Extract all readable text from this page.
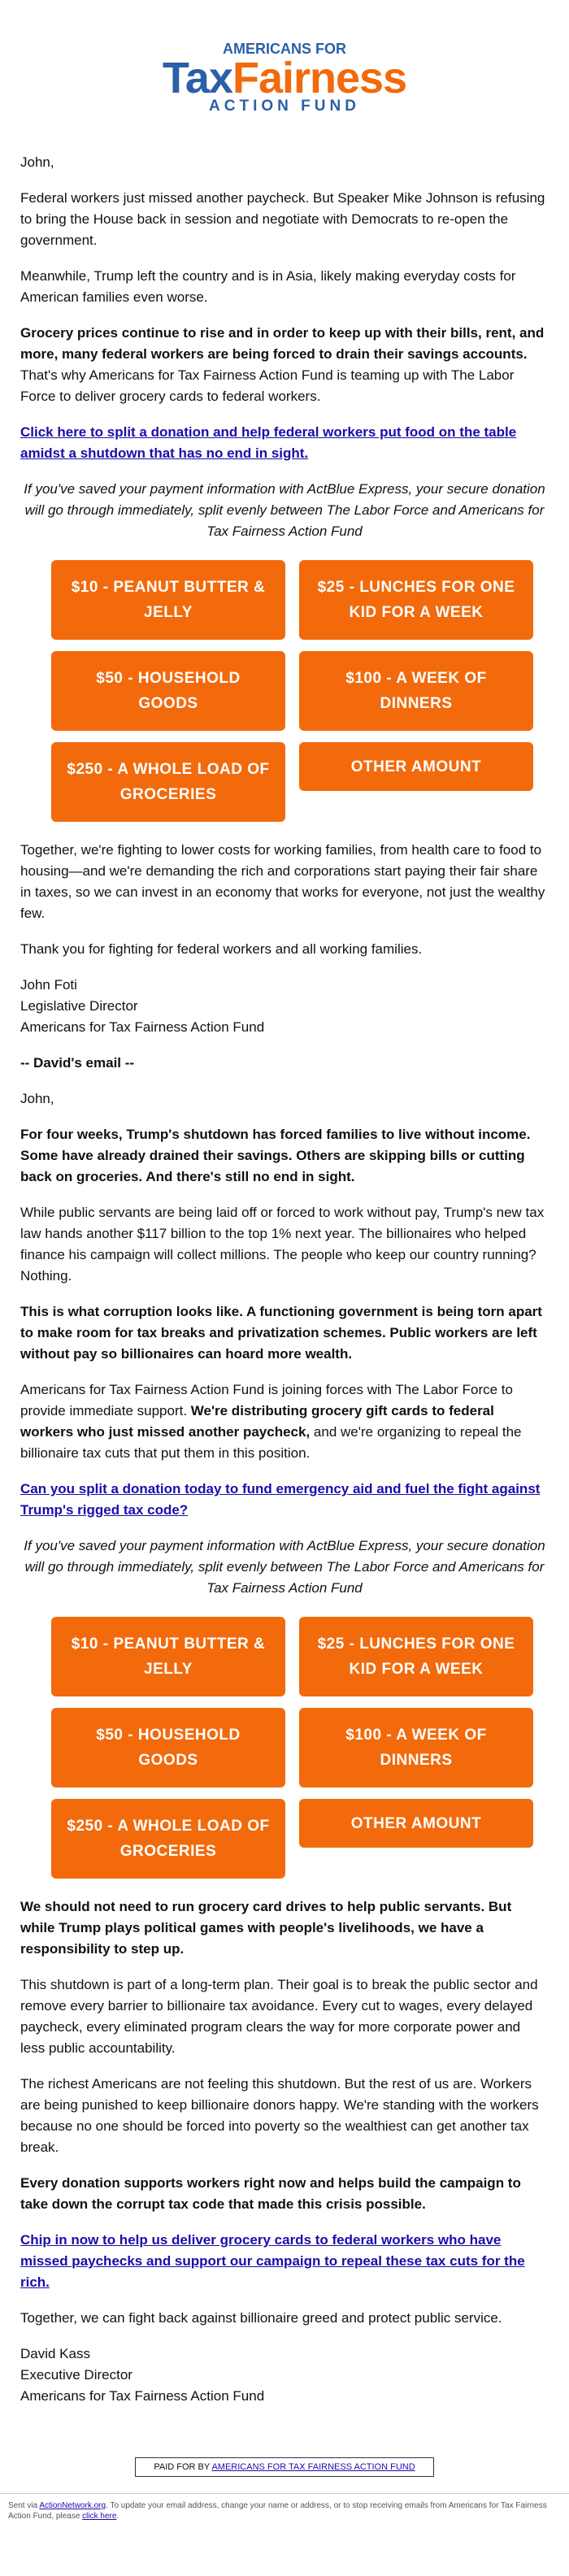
AMERICANS FOR
TaxFairness
ACTION FUND

John,

Federal workers just missed another paycheck. But Speaker Mike Johnson is refusing to bring the House back in session and negotiate with Democrats to re-open the government.

Meanwhile, Trump left the country and is in Asia, likely making everyday costs for American families even worse.

Grocery prices continue to rise and in order to keep up with their bills, rent, and more, many federal workers are being forced to drain their savings accounts. That's why Americans for Tax Fairness Action Fund is teaming up with The Labor Force to deliver grocery cards to federal workers.

Click here to split a donation and help federal workers put food on the table amidst a shutdown that has no end in sight.

If you've saved your payment information with ActBlue Express, your secure donation will go through immediately, split evenly between The Labor Force and Americans for Tax Fairness Action Fund

$10 - PEANUT BUTTER & JELLY
$25 - LUNCHES FOR ONE KID FOR A WEEK
$50 - HOUSEHOLD GOODS
$100 - A WEEK OF DINNERS
$250 - A WHOLE LOAD OF GROCERIES
OTHER AMOUNT

Together, we're fighting to lower costs for working families, from health care to food to housing—and we're demanding the rich and corporations start paying their fair share in taxes, so we can invest in an economy that works for everyone, not just the wealthy few.

Thank you for fighting for federal workers and all working families.

John Foti

Legislative Director

Americans for Tax Fairness Action Fund

-- David's email --

John,

For four weeks, Trump's shutdown has forced families to live without income. Some have already drained their savings. Others are skipping bills or cutting back on groceries. And there's still no end in sight.

While public servants are being laid off or forced to work without pay, Trump's new tax law hands another $117 billion to the top 1% next year. The billionaires who helped finance his campaign will collect millions. The people who keep our country running? Nothing.

This is what corruption looks like. A functioning government is being torn apart to make room for tax breaks and privatization schemes. Public workers are left without pay so billionaires can hoard more wealth.

Americans for Tax Fairness Action Fund is joining forces with The Labor Force to provide immediate support. We're distributing grocery gift cards to federal workers who just missed another paycheck, and we're organizing to repeal the billionaire tax cuts that put them in this position.

Can you split a donation today to fund emergency aid and fuel the fight against Trump's rigged tax code?

If you've saved your payment information with ActBlue Express, your secure donation will go through immediately, split evenly between The Labor Force and Americans for Tax Fairness Action Fund

$10 - PEANUT BUTTER & JELLY
$25 - LUNCHES FOR ONE KID FOR A WEEK
$50 - HOUSEHOLD GOODS
$100 - A WEEK OF DINNERS
$250 - A WHOLE LOAD OF GROCERIES
OTHER AMOUNT

We should not need to run grocery card drives to help public servants. But while Trump plays political games with people's livelihoods, we have a responsibility to step up.

This shutdown is part of a long-term plan. Their goal is to break the public sector and remove every barrier to billionaire tax avoidance. Every cut to wages, every delayed paycheck, every eliminated program clears the way for more corporate power and less public accountability.

The richest Americans are not feeling this shutdown. But the rest of us are. Workers are being punished to keep billionaire donors happy. We're standing with the workers because no one should be forced into poverty so the wealthiest can get another tax break.

Every donation supports workers right now and helps build the campaign to take down the corrupt tax code that made this crisis possible.

Chip in now to help us deliver grocery cards to federal workers who have missed paychecks and support our campaign to repeal these tax cuts for the rich.

Together, we can fight back against billionaire greed and protect public service.

David Kass

Executive Director

Americans for Tax Fairness Action Fund

PAID FOR BY AMERICANS FOR TAX FAIRNESS ACTION FUND
Sent via ActionNetwork.org. To update your email address, change your name or address, or to stop receiving emails from Americans for Tax Fairness Action Fund, please click here.
